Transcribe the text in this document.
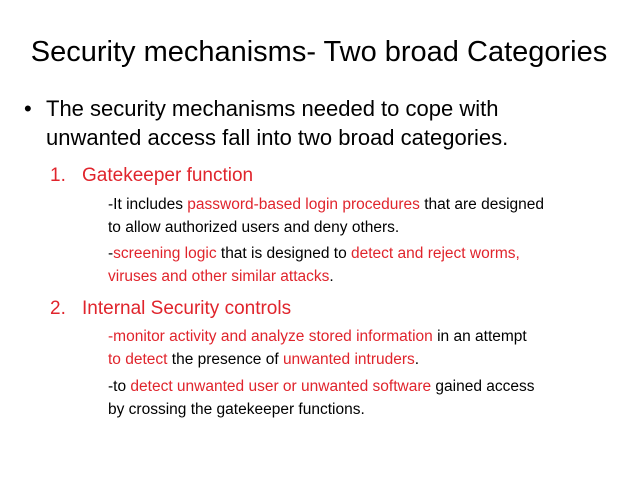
Security mechanisms- Two broad Categories
• The security mechanisms needed to cope with
unwanted access fall into two broad categories.
1. Gatekeeper function
-It includes password-based login procedures that are designed
to allow authorized users and deny others.
-screening logic that is designed to detect and reject worms,
viruses and other similar attacks.
2. Internal Security controls
-monitor activity and analyze stored information in an attempt
to detect the presence of unwanted intruders.
-to detect unwanted user or unwanted software gained access
by crossing the gatekeeper functions.
